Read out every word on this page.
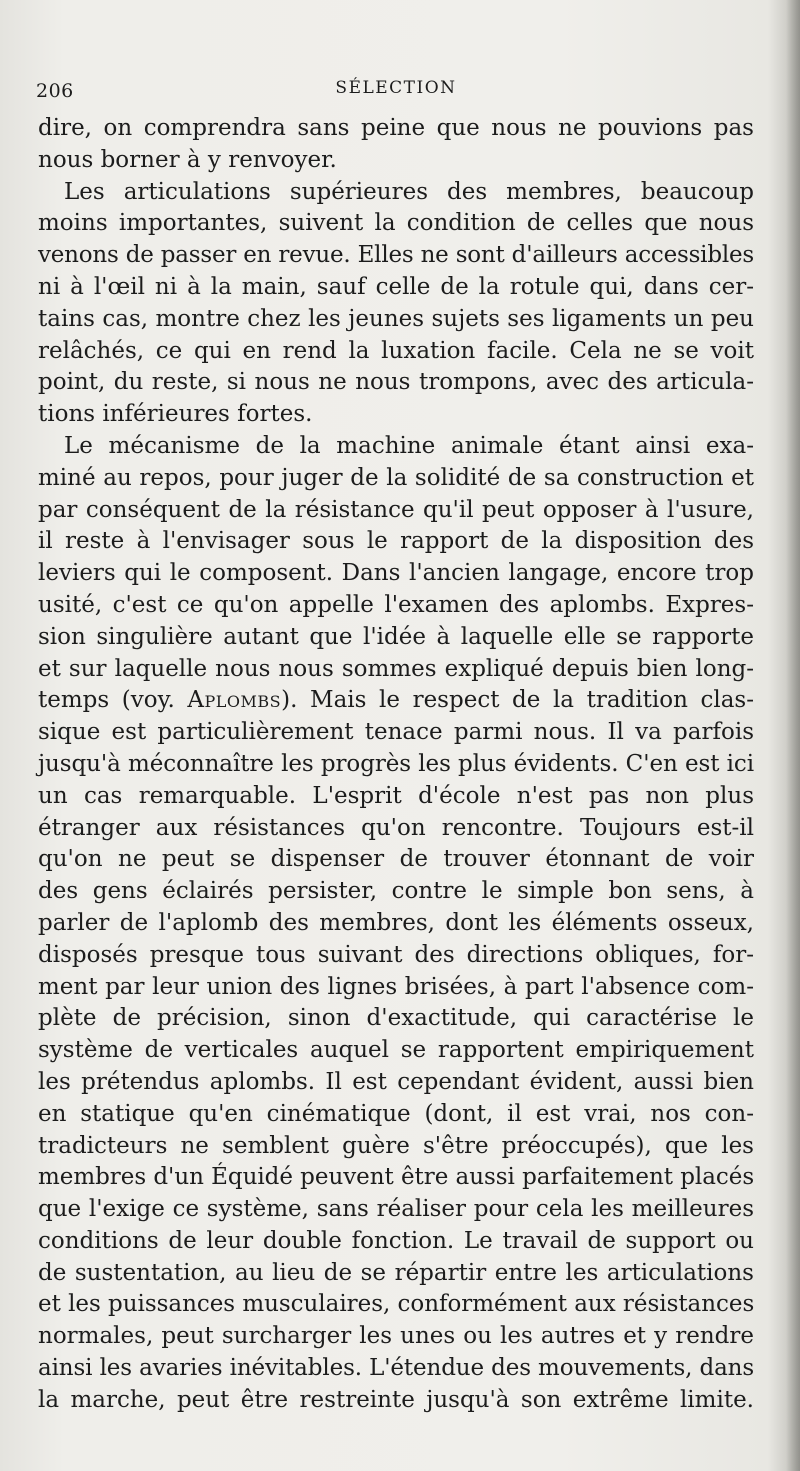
206	SÉLECTION
dire, on comprendra sans peine que nous ne pouvions pas
nous borner à y renvoyer.
Les articulations supérieures des membres, beaucoup
moins importantes, suivent la condition de celles que nous
venons de passer en revue. Elles ne sont d'ailleurs accessibles
ni à l'œil ni à la main, sauf celle de la rotule qui, dans cer-
tains cas, montre chez les jeunes sujets ses ligaments un peu
relâchés, ce qui en rend la luxation facile. Cela ne se voit
point, du reste, si nous ne nous trompons, avec des articula-
tions inférieures fortes.
Le mécanisme de la machine animale étant ainsi exa-
miné au repos, pour juger de la solidité de sa construction et
par conséquent de la résistance qu'il peut opposer à l'usure,
il reste à l'envisager sous le rapport de la disposition des
leviers qui le composent. Dans l'ancien langage, encore trop
usité, c'est ce qu'on appelle l'examen des aplombs. Expres-
sion singulière autant que l'idée à laquelle elle se rapporte
et sur laquelle nous nous sommes expliqué depuis bien long-
temps (voy. Aplombs). Mais le respect de la tradition clas-
sique est particulièrement tenace parmi nous. Il va parfois
jusqu'à méconnaître les progrès les plus évidents. C'en est ici
un cas remarquable. L'esprit d'école n'est pas non plus
étranger aux résistances qu'on rencontre. Toujours est-il
qu'on ne peut se dispenser de trouver étonnant de voir
des gens éclairés persister, contre le simple bon sens, à
parler de l'aplomb des membres, dont les éléments osseux,
disposés presque tous suivant des directions obliques, for-
ment par leur union des lignes brisées, à part l'absence com-
plète de précision, sinon d'exactitude, qui caractérise le
système de verticales auquel se rapportent empiriquement
les prétendus aplombs. Il est cependant évident, aussi bien
en statique qu'en cinématique (dont, il est vrai, nos con-
tradicteurs ne semblent guère s'être préoccupés), que les
membres d'un Équidé peuvent être aussi parfaitement placés
que l'exige ce système, sans réaliser pour cela les meilleures
conditions de leur double fonction. Le travail de support ou
de sustentation, au lieu de se répartir entre les articulations
et les puissances musculaires, conformément aux résistances
normales, peut surcharger les unes ou les autres et y rendre
ainsi les avaries inévitables. L'étendue des mouvements, dans
la marche, peut être restreinte jusqu'à son extrême limite.
